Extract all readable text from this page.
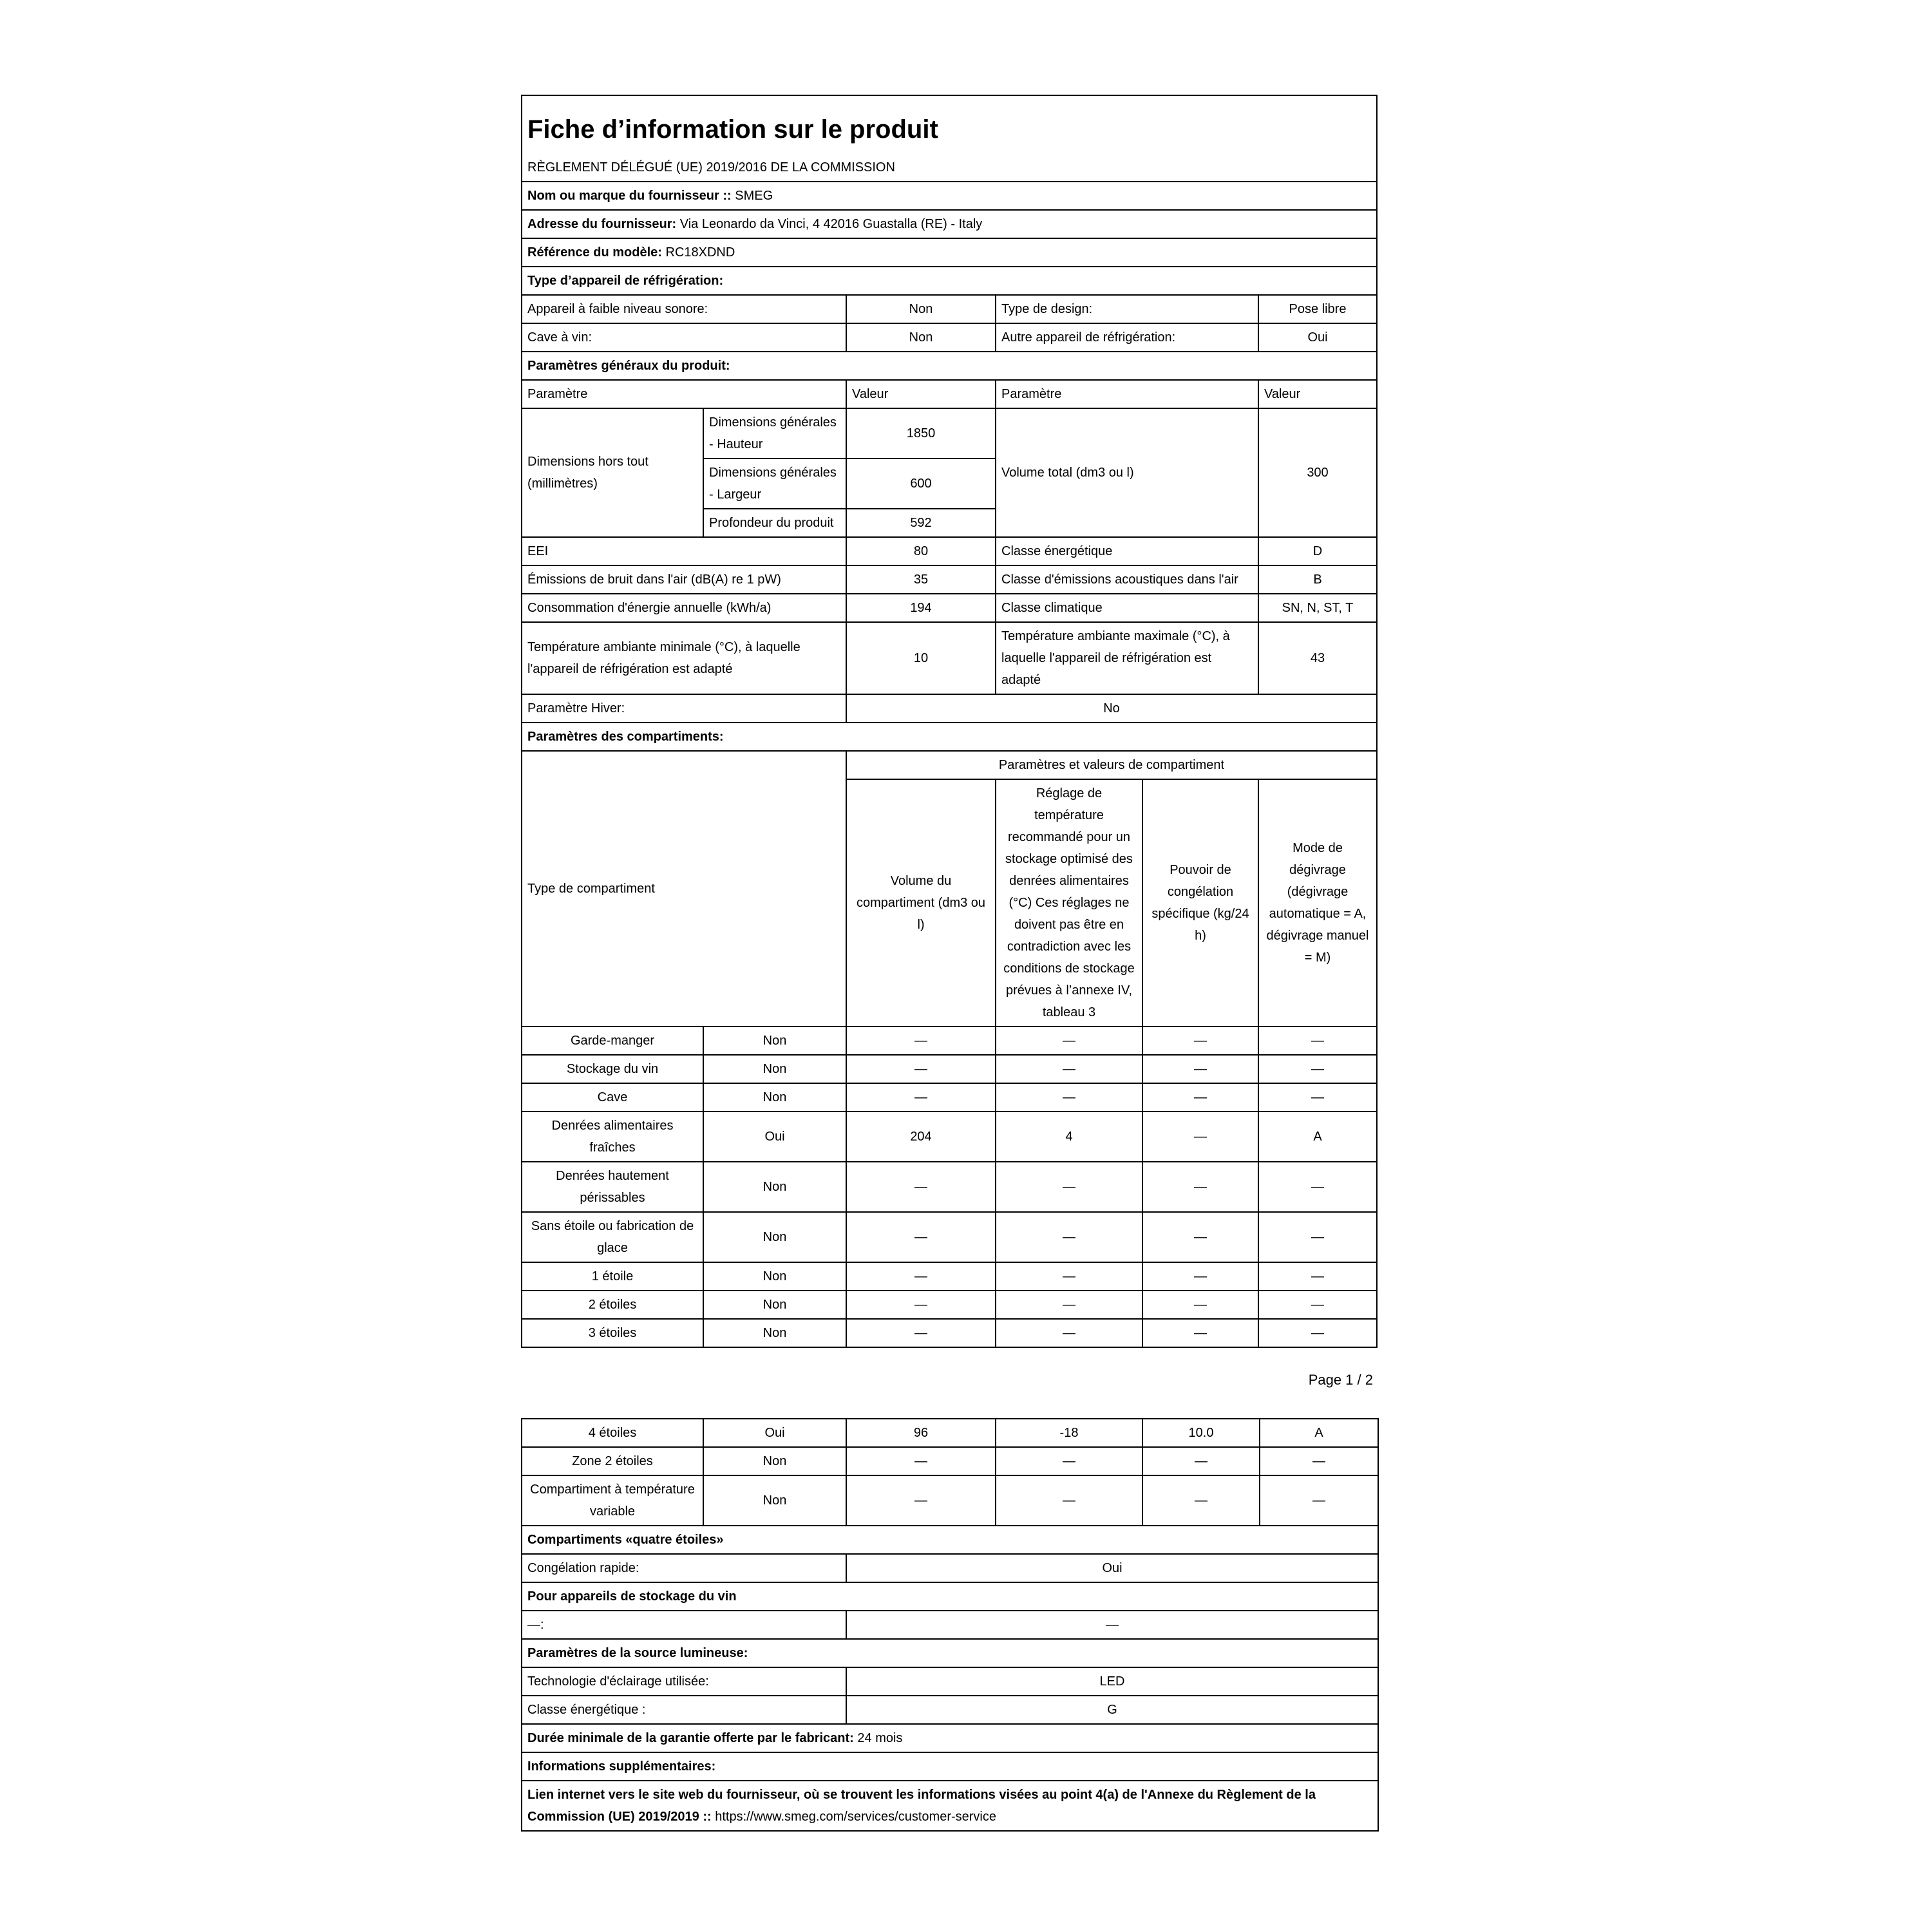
Fiche d’information sur le produit					
RÈGLEMENT DÉLÉGUÉ (UE) 2019/2016 DE LA COMMISSION					
Nom ou marque du fournisseur :: SMEG					
Adresse du fournisseur: Via Leonardo da Vinci, 4 42016 Guastalla (RE) - Italy					
Référence du modèle: RC18XDND					
Type d’appareil de réfrigération:					
Appareil à faible niveau sonore:		Non	Type de design:		Pose libre
Cave à vin:		Non	Autre appareil de réfrigération:		Oui
Paramètres généraux du produit:					
Paramètre		Valeur	Paramètre		Valeur
Dimensions hors tout (millimètres)	Dimensions générales - Hauteur	1850	Volume total (dm3 ou l)		300
	Dimensions générales - Largeur	600			
	Profondeur du produit	592			
EEI		80	Classe énergétique		D
Émissions de bruit dans l'air (dB(A) re 1 pW)		35	Classe d'émissions acoustiques dans l'air		B
Consommation d'énergie annuelle (kWh/a)		194	Classe climatique		SN, N, ST, T
Température ambiante minimale (°C), à laquelle l'appareil de réfrigération est adapté		10	Température ambiante maximale (°C), à laquelle l'appareil de réfrigération est adapté		43
Paramètre Hiver:		No			
Paramètres des compartiments:					
Type de compartiment		Paramètres et valeurs de compartiment			
		Volume du compartiment (dm3 ou l)	Réglage de température recommandé pour un stockage optimisé des denrées alimentaires (°C) Ces réglages ne doivent pas être en contradiction avec les conditions de stockage prévues à l’annexe IV, tableau 3	Pouvoir de congélation spécifique (kg/24 h)	Mode de dégivrage (dégivrage automatique = A, dégivrage manuel = M)
Garde-manger	Non	—	—	—	—
Stockage du vin	Non	—	—	—	—
Cave	Non	—	—	—	—
Denrées alimentaires fraîches	Oui	204	4	—	A
Denrées hautement périssables	Non	—	—	—	—
Sans étoile ou fabrication de glace	Non	—	—	—	—
1 étoile	Non	—	—	—	—
2 étoiles	Non	—	—	—	—
3 étoiles	Non	—	—	—	—
Page 1 / 2
4 étoiles	Oui	96	-18	10.0	A
Zone 2 étoiles	Non	—	—	—	—
Compartiment à température variable	Non	—	—	—	—
Compartiments «quatre étoiles»					
Congélation rapide:		Oui			
Pour appareils de stockage du vin					
—:		—			
Paramètres de la source lumineuse:					
Technologie d'éclairage utilisée:		LED			
Classe énergétique :		G			
Durée minimale de la garantie offerte par le fabricant: 24 mois					
Informations supplémentaires:					
Lien internet vers le site web du fournisseur, où se trouvent les informations visées au point 4(a) de l'Annexe du Règlement de la Commission (UE) 2019/2019 :: https://www.smeg.com/services/customer-service					
